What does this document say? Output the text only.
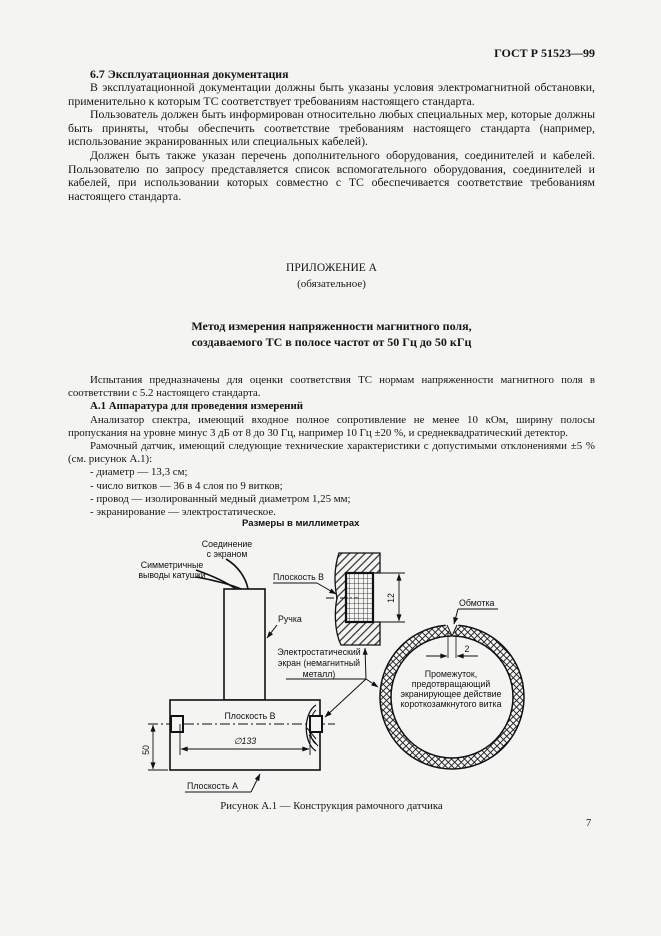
ГОСТ Р 51523—99
6.7 Эксплуатационная документация

В эксплуатационной документации должны быть указаны условия электромагнитной обстановки, применительно к которым ТС соответствует требованиям настоящего стандарта.

Пользователь должен быть информирован относительно любых специальных мер, которые должны быть приняты, чтобы обеспечить соответствие требованиям настоящего стандарта (например, использование экранированных или специальных кабелей).

Должен быть также указан перечень дополнительного оборудования, соединителей и кабелей. Пользователю по запросу представляется список вспомогательного оборудования, соединителей и кабелей, при использовании которых совместно с ТС обеспечивается соответствие требованиям настоящего стандарта.

ПРИЛОЖЕНИЕ А
(обязательное)
Метод измерения напряженности магнитного поля,
создаваемого ТС в полосе частот от 50 Гц до 50 кГц

Испытания предназначены для оценки соответствия ТС нормам напряженности магнитного поля в соответствии с 5.2 настоящего стандарта.

А.1 Аппаратура для проведения измерений

Анализатор спектра, имеющий входное полное сопротивление не менее 10 кОм, ширину полосы пропускания на уровне минус 3 дБ от 8 до 30 Гц, например 10 Гц ±20 %, и среднеквадратический детектор.

Рамочный датчик, имеющий следующие технические характеристики с допустимыми отклонениями ±5 % (см. рисунок А.1):

- диаметр — 13,3 см;

- число витков — 36 в 4 слоя по 9 витков;

- провод — изолированный медный диаметром 1,25 мм;

- экранирование — электростатическое.

Размеры в миллиметрах
Соединение
с экраном
Симметричные
выводы катушки
Плоскость В
∅133
50
Плоскость А
Плоскость В
12
Электростатический
экран (немагнитный
металл)
2
Обмотка
Промежуток,
предотвращающий
экранирующее действие
короткозамкнутого витка
Ручка
Рисунок А.1 — Конструкция рамочного датчика
7
